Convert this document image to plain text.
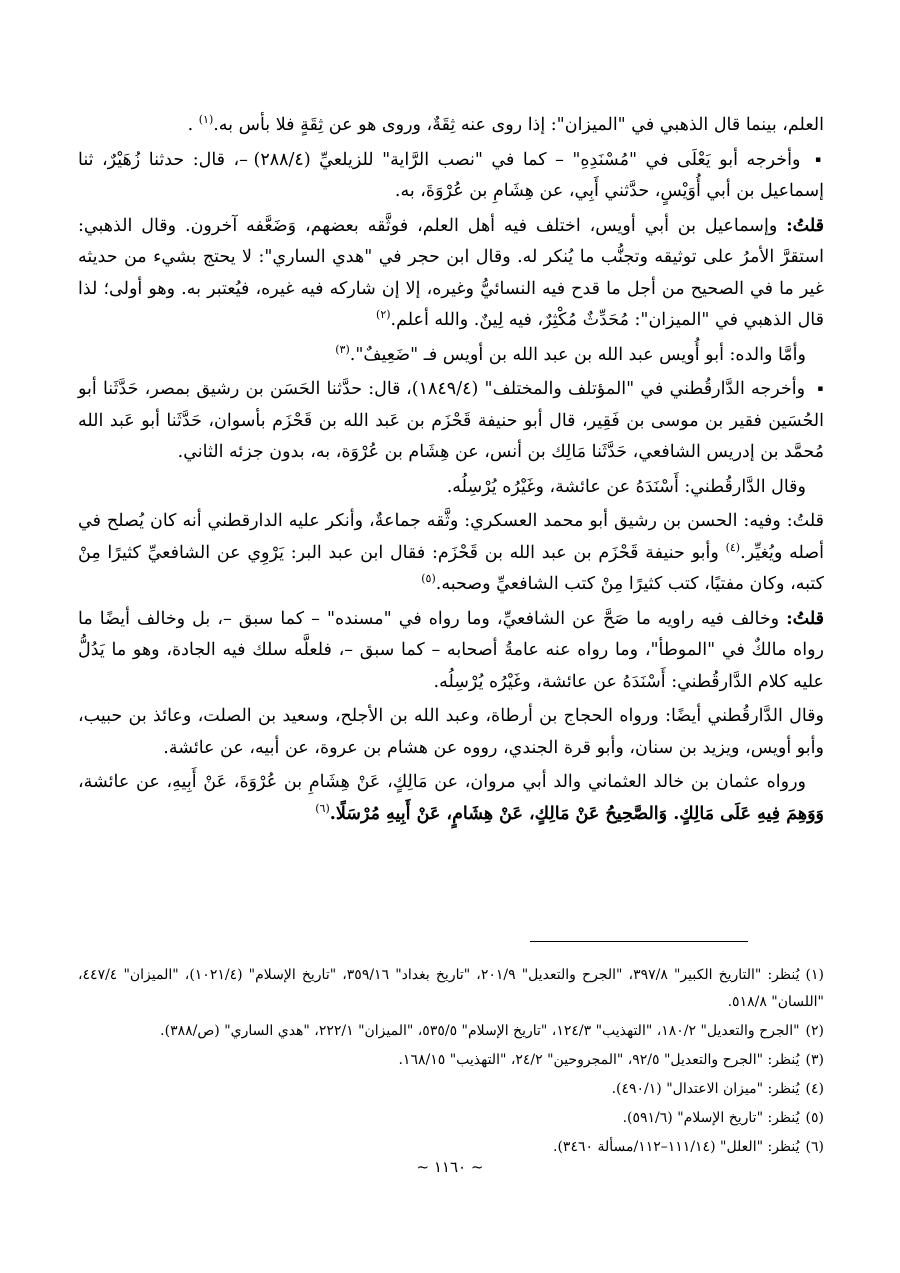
العلم، بينما قال الذهبي في "الميزان": إذا روى عنه ثِقَةٌ، وروى هو عن ثِقَةٍ فلا بأس به.$^{(١)}$ .

▪ وأخرجه أبو يَعْلَى في "مُسْنَدِهِ" – كما في "نصب الرَّاية" للزيلعيِّ (٢٨٨/٤) –، قال: حدثنا زُهَيْرٌ، ثنا إسماعيل بن أبي أُوَيْسٍ، حدَّثني أَبِي، عن هِشَامِ بن عُرْوَةَ، به.

قلتُ: وإسماعيل بن أبي أويس، اختلف فيه أهل العلم، فوثَّقه بعضهم، وَضَعَّفه آخرون. وقال الذهبي: استقرَّ الأمرُ على توثيقه وتجنُّب ما يُنكر له. وقال ابن حجر في "هدي الساري": لا يحتج بشيء من حديثه غير ما في الصحيح من أجل ما قدح فيه النسائيُّ وغيره، إلا إن شاركه فيه غيره، فيُعتبر به. وهو أولى؛ لذا قال الذهبي في "الميزان": مُحَدِّثٌ مُكْثِرٌ، فيه لِينٌ. والله أعلم.$^{(٢)}$

وأمَّا والده: أبو أُويس عبد الله بن عبد الله بن أويس فـ "ضَعِيفٌ".$^{(٣)}$

▪ وأخرجه الدَّارقُطني في "المؤتلف والمختلف" (١٨٤٩/٤)، قال: حدَّثنا الحَسَن بن رشيق بمصر، حَدَّثَنا أبو الحُسَين فقير بن موسى بن فَقِير، قال أبو حنيفة قَحْزَم بن عَبد الله بن قَحْزَم بأسوان، حَدَّثَنا أبو عَبد الله مُحمَّد بن إدريس الشافعي، حَدَّثَنا مَالِك بن أنس، عن هِشَام بن عُرْوَة، به، بدون جزئه الثاني.

وقال الدَّارقُطني: أَسْنَدَهُ عن عائشة، وغَيْرُه يُرْسِلُه.

قلتُ: وفيه: الحسن بن رشيق أبو محمد العسكري: وثَّقه جماعةٌ، وأنكر عليه الدارقطني أنه كان يُصلح في أصله ويُغيِّر.$^{(٤)}$ وأبو حنيفة قَحْزَم بن عبد الله بن قَحْزَم: فقال ابن عبد البر: يَرْوِي عن الشافعيِّ كثيرًا مِنْ كتبه، وكان مفتيًا، كتب كثيرًا مِنْ كتب الشافعيِّ وصحبه.$^{(٥)}$

قلتُ: وخالف فيه راويه ما صَحَّ عن الشافعيِّ، وما رواه في "مسنده" – كما سبق –، بل وخالف أيضًا ما رواه مالكٌ في "الموطأ"، وما رواه عنه عامةُ أصحابه – كما سبق –، فلعلَّه سلك فيه الجادة، وهو ما يَدُلُّ عليه كلام الدَّارقُطني: أَسْنَدَهُ عن عائشة، وغَيْرُه يُرْسِلُه.

وقال الدَّارقُطني أيضًا: ورواه الحجاج بن أرطاة، وعبد الله بن الأجلح، وسعيد بن الصلت، وعائذ بن حبيب، وأبو أويس، ويزيد بن سنان، وأبو قرة الجندي، رووه عن هشام بن عروة، عن أبيه، عن عائشة.

ورواه عثمان بن خالد العثماني والد أبي مروان، عن مَالِكٍ، عَنْ هِشَامِ بن عُرْوَةَ، عَنْ أَبِيهِ، عن عائشة، وَوَهِمَ فِيهِ عَلَى مَالِكٍ. وَالصَّحِيحُ عَنْ مَالِكٍ، عَنْ هِشَامٍ، عَنْ أَبِيهِ مُرْسَلًا.$^{(٦)}$

(١)يُنظر: "التاريخ الكبير" ٣٩٧/٨، "الجرح والتعديل" ٢٠١/٩، "تاريخ بغداد" ٣٥٩/١٦، "تاريخ الإسلام" (١٠٢١/٤)، "الميزان" ٤٤٧/٤، "اللسان" ٥١٨/٨.

(٢)"الجرح والتعديل" ١٨٠/٢، "التهذيب" ١٢٤/٣، "تاريخ الإسلام" ٥٣٥/٥، "الميزان" ٢٢٢/١، "هدي الساري" (ص/٣٨٨).

(٣)يُنظر: "الجرح والتعديل" ٩٢/٥، "المجروحين" ٢٤/٢، "التهذيب" ١٦٨/١٥.

(٤)يُنظر: "ميزان الاعتدال" (٤٩٠/١).

(٥)يُنظر: "تاريخ الإسلام" (٥٩١/٦).

(٦)يُنظر: "العلل" (١١١/١٤–١١٢/مسألة ٣٤٦٠).

~ ١١٦٠ ~
